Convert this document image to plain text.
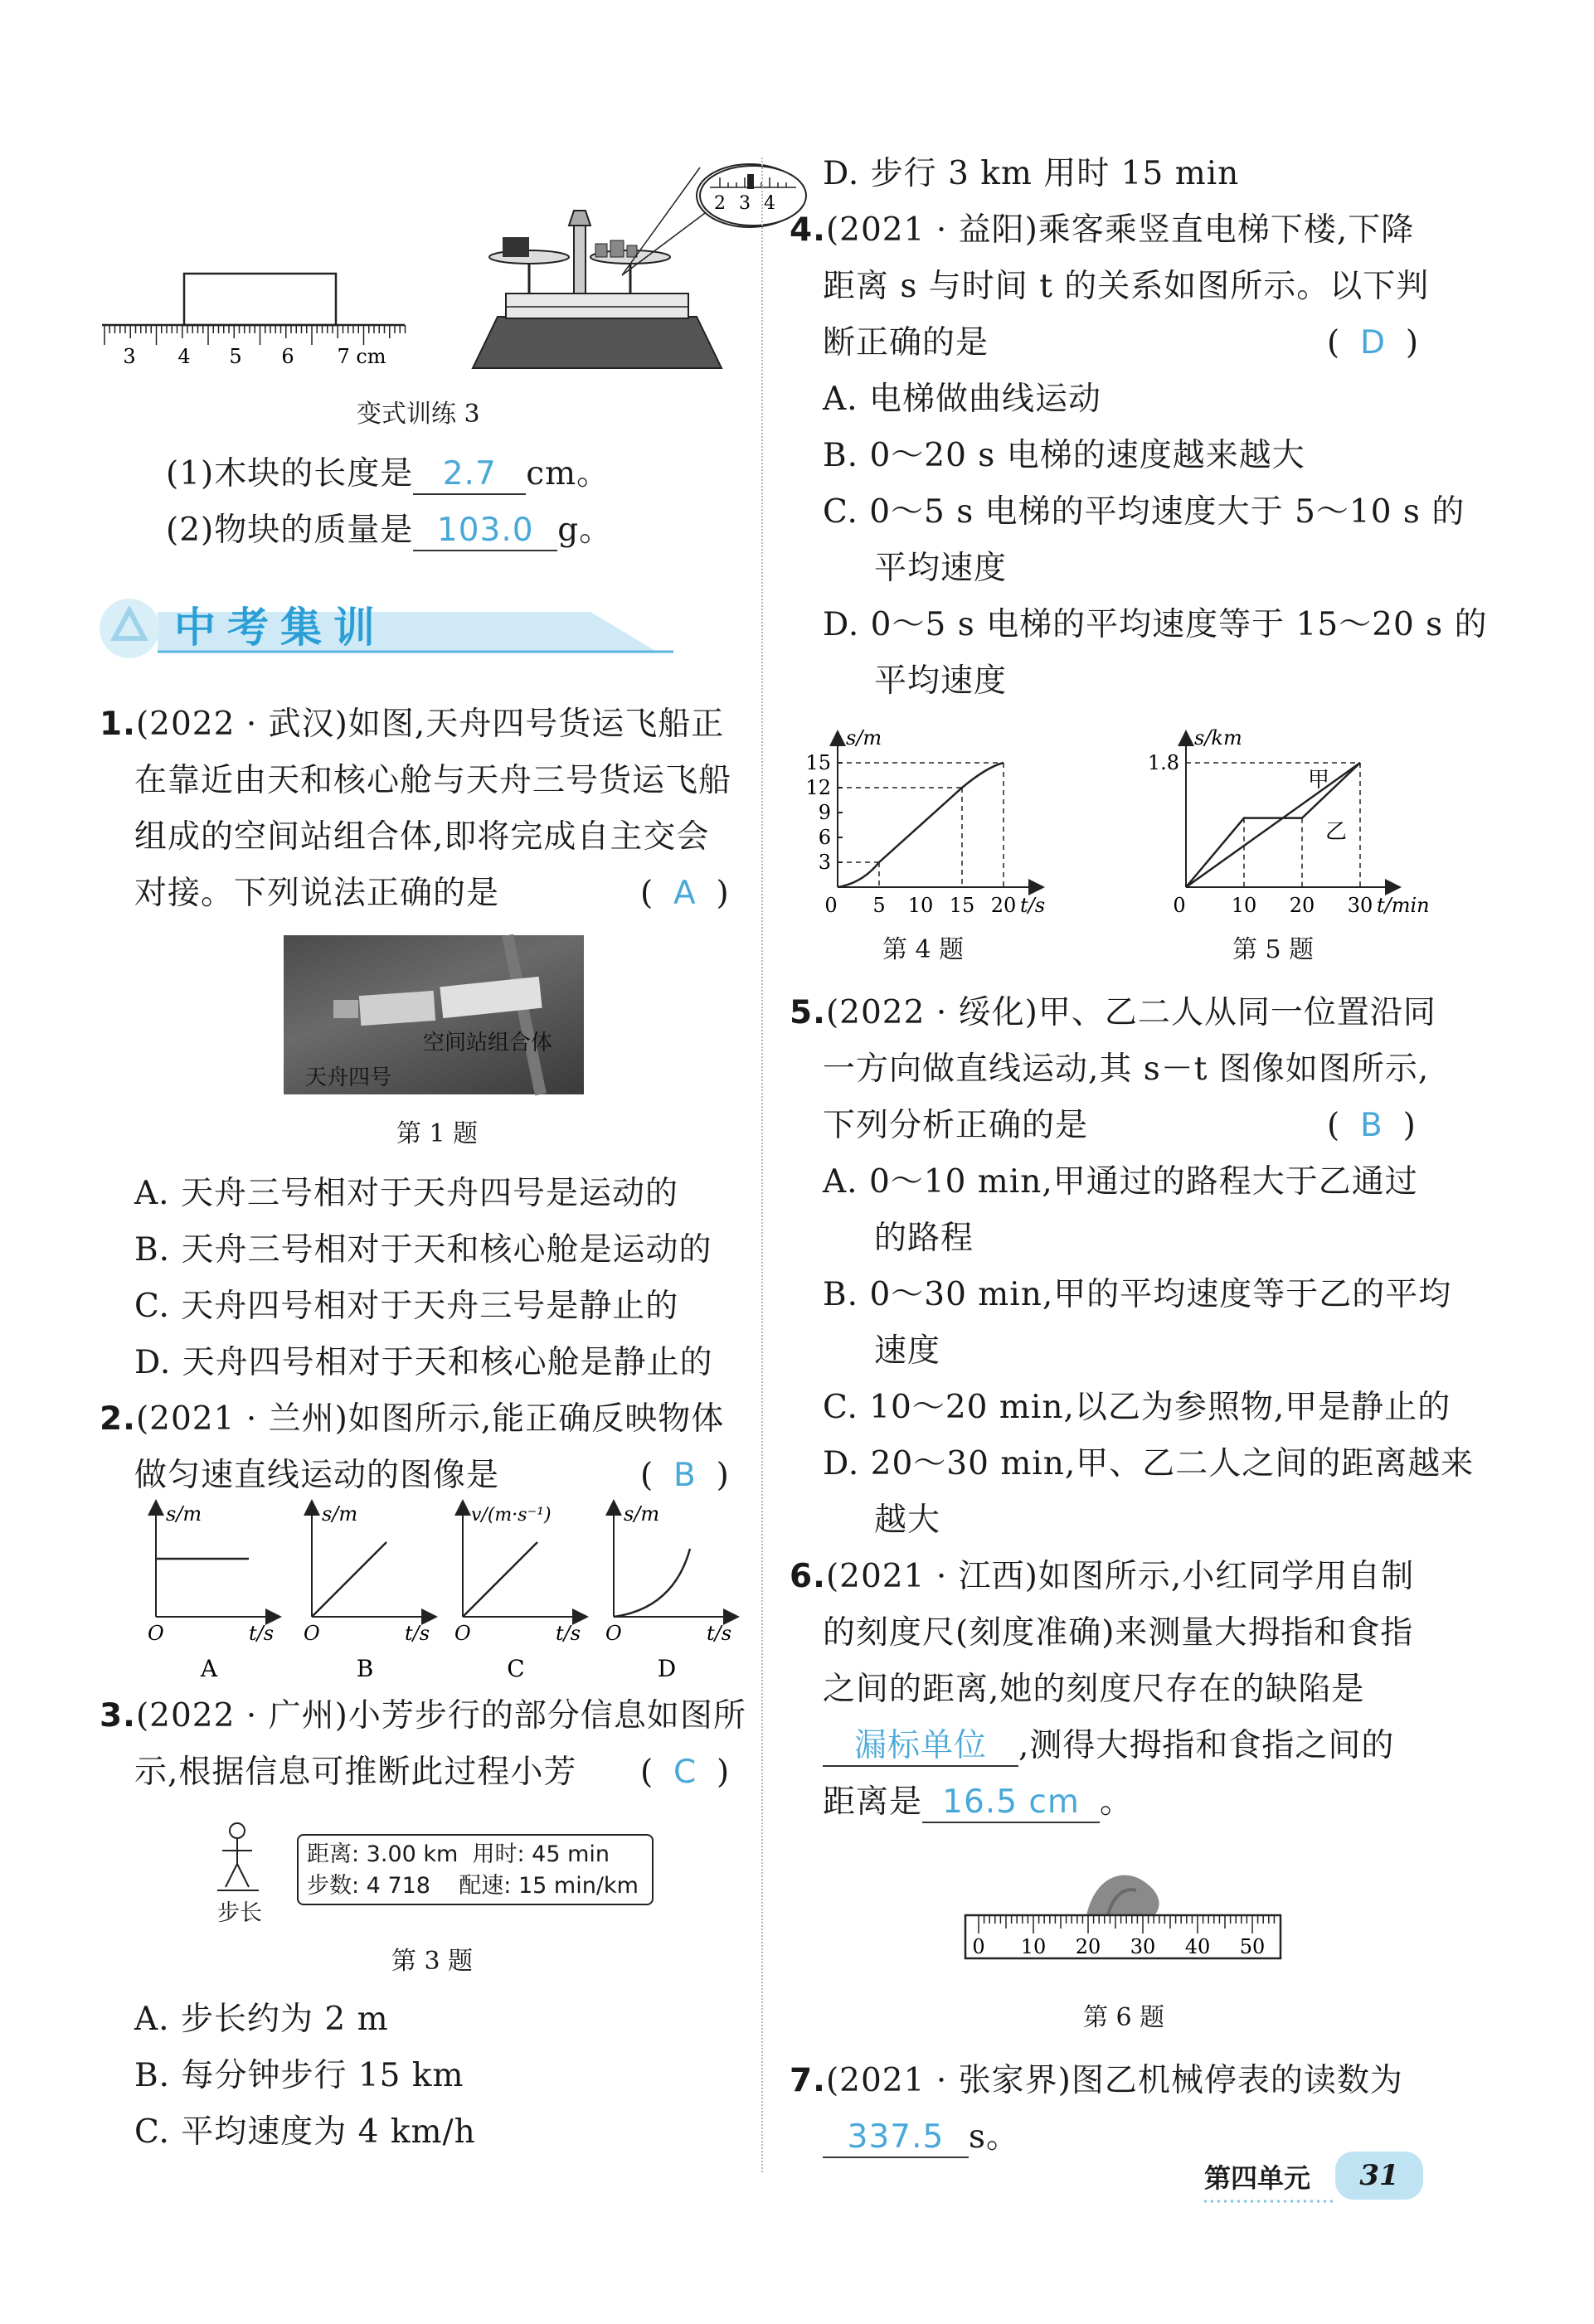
3 4 5 6 7 cm
2 3 4
变式训练 3
(1)木块的长度是 2.7 cm。
(2)物块的质量是 103.0 g。
中考集训
1.(2022 · 武汉)如图,天舟四号货运飞船正
在靠近由天和核心舱与天舟三号货运飞船
组成的空间站组合体,即将完成自主交会
对接。下列说法正确的是	(  A  )
空间站组合体
天舟四号
第 1 题
A. 天舟三号相对于天舟四号是运动的
B. 天舟三号相对于天和核心舱是运动的
C. 天舟四号相对于天舟三号是静止的
D. 天舟四号相对于天和核心舱是静止的
2.(2021 · 兰州)如图所示,能正确反映物体
做匀速直线运动的图像是	(  B  )
s/m
t/s
O
A
s/m
t/s
O
B
v/(m·s⁻¹)
t/s
O
C
s/m
t/s
O
D
3.(2022 · 广州)小芳步行的部分信息如图所
示,根据信息可推断此过程小芳 (  C  )
步长
距离: 3.00 km  用时: 45 min
步数: 4 718    配速: 15 min/km
第 3 题
A. 步长约为 2 m
B. 每分钟步行 15 km
C. 平均速度为 4 km/h
D. 步行 3 km 用时 15 min
4.(2021 · 益阳)乘客乘竖直电梯下楼,下降
距离 s 与时间 t 的关系如图所示。以下判
断正确的是	(  D  )
A. 电梯做曲线运动
B. 0～20 s 电梯的速度越来越大
C. 0～5 s 电梯的平均速度大于 5～10 s 的
平均速度
D. 0～5 s 电梯的平均速度等于 15～20 s 的
平均速度
s/m
t/s
0 5 10 15 20
3
6
9
12
15
s/km
t/min
0 10 20 30
1.8
甲
乙
第 4 题	第 5 题
5.(2022 · 绥化)甲、乙二人从同一位置沿同
一方向做直线运动,其 s－t 图像如图所示,
下列分析正确的是	(  B  )
A. 0～10 min,甲通过的路程大于乙通过
的路程
B. 0～30 min,甲的平均速度等于乙的平均
速度
C. 10～20 min,以乙为参照物,甲是静止的
D. 20～30 min,甲、乙二人之间的距离越来
越大
6.(2021 · 江西)如图所示,小红同学用自制
的刻度尺(刻度准确)来测量大拇指和食指
之间的距离,她的刻度尺存在的缺陷是
漏标单位 ,测得大拇指和食指之间的
距离是 16.5 cm 。
0 10 20 30 40 50
第 6 题
7.(2021 · 张家界)图乙机械停表的读数为
337.5 s。
第四单元	31
